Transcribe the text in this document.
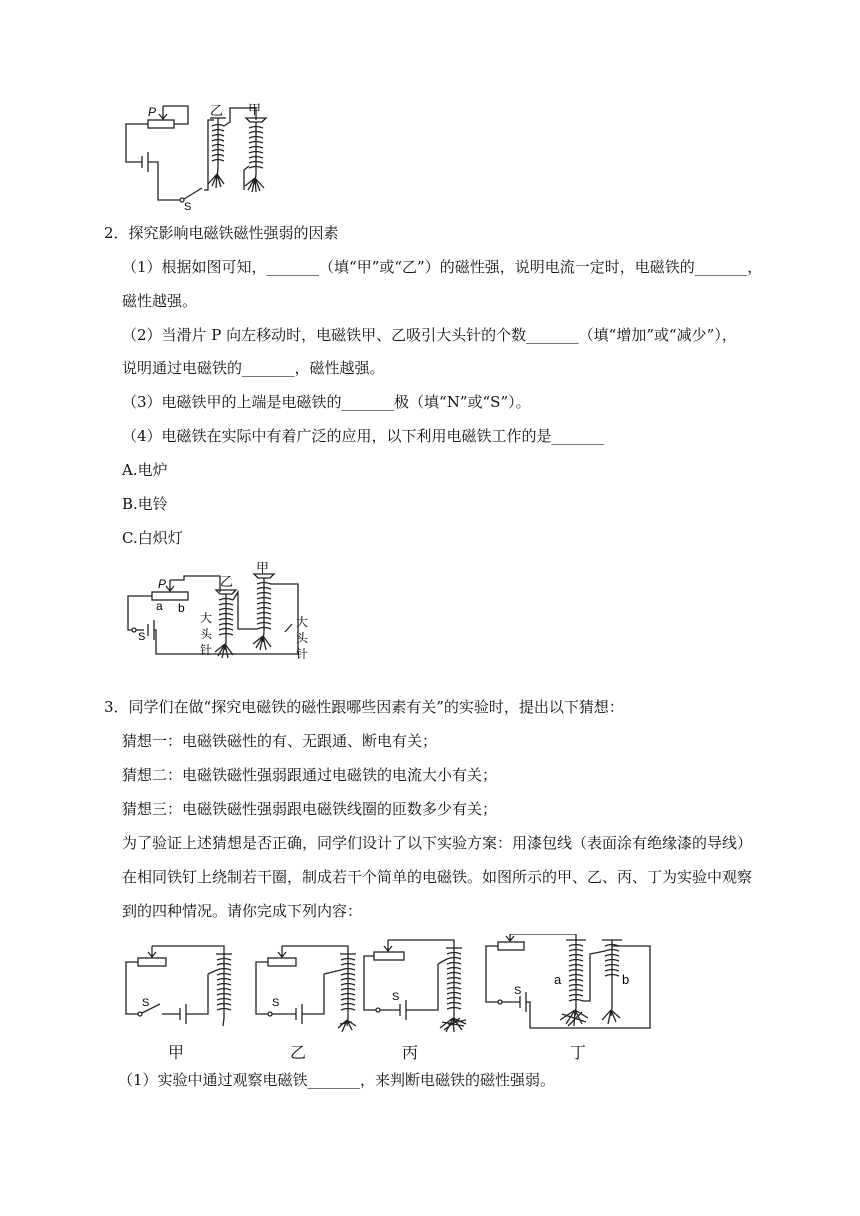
P	乙 甲
S
2．探究影响电磁铁磁性强弱的因素
（1）根据如图可知，_______（填“甲”或“乙”）的磁性强，说明电流一定时，电磁铁的_______，
磁性越强。
（2）当滑片 P 向左移动时，电磁铁甲、乙吸引大头针的个数_______（填“增加”或“减少”），
说明通过电磁铁的_______，磁性越强。
（3）电磁铁甲的上端是电磁铁的_______极（填“N”或“S”）。
（4）电磁铁在实际中有着广泛的应用，以下利用电磁铁工作的是_______
A.电炉
B.电铃
C.白炽灯
P
a b
S
乙
甲
大
头
针
大
头
针
3．同学们在做“探究电磁铁的磁性跟哪些因素有关”的实验时，提出以下猜想：
猜想一：电磁铁磁性的有、无跟通、断电有关；
猜想二：电磁铁磁性强弱跟通过电磁铁的电流大小有关；
猜想三：电磁铁磁性强弱跟电磁铁线圈的匝数多少有关；
为了验证上述猜想是否正确，同学们设计了以下实验方案：用漆包线（表面涂有绝缘漆的导线）
在相同铁钉上绕制若干圈，制成若干个简单的电磁铁。如图所示的甲、乙、丙、丁为实验中观察
到的四种情况。请你完成下列内容：
S	S	S	S
a	b
甲	乙	丙	丁
（1）实验中通过观察电磁铁_______，来判断电磁铁的磁性强弱。
